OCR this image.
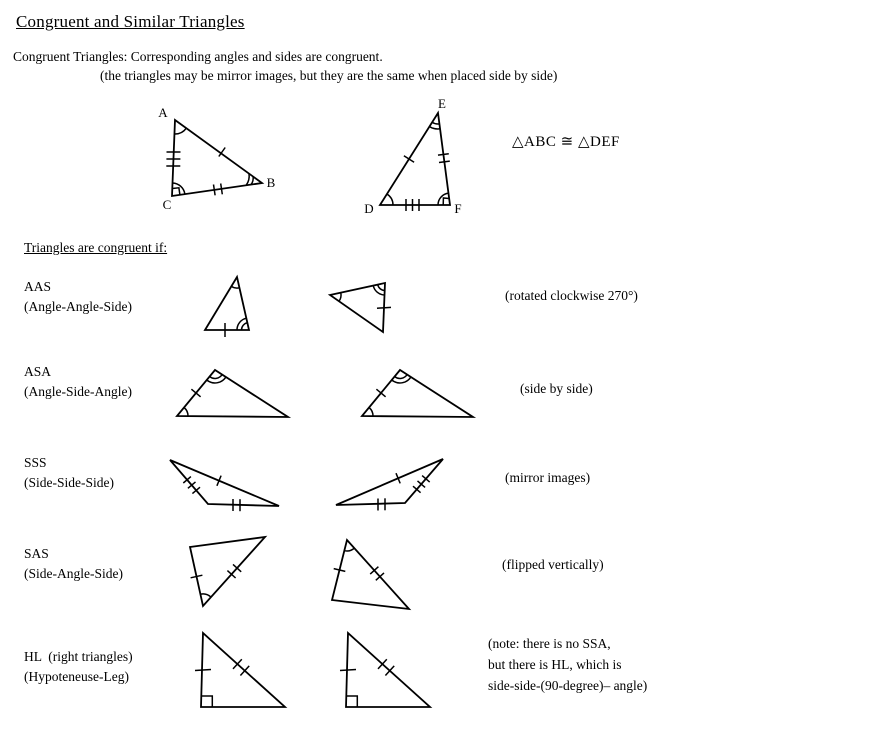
Congruent and Similar Triangles
Congruent Triangles: Corresponding angles and sides are congruent.
(the triangles may be mirror images, but they are the same when placed side by side)
A
B
C
E
D	F
△ABC ≅ △DEF
Triangles are congruent if:
AAS
(Angle-Angle-Side)
(rotated clockwise 270°)
ASA
(Angle-Side-Angle)	(side by side)
SSS
(Side-Side-Side)	(mirror images)
SAS
(Side-Angle-Side)
(flipped vertically)
HL  (right triangles)
(Hypoteneuse-Leg)
(note: there is no SSA,
but there is HL, which is
side-side-(90-degree)– angle)
